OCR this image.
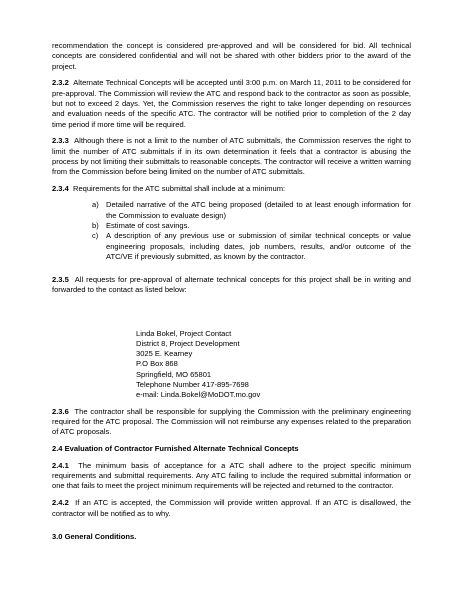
recommendation the concept is considered pre-approved and will be considered for bid. All technical concepts are considered confidential and will not be shared with other bidders prior to the award of the project.

2.3.2 Alternate Technical Concepts will be accepted until 3:00 p.m. on March 11, 2011 to be considered for pre-approval. The Commission will review the ATC and respond back to the contractor as soon as possible, but not to exceed 2 days. Yet, the Commission reserves the right to take longer depending on resources and evaluation needs of the specific ATC. The contractor will be notified prior to completion of the 2 day time period if more time will be required.

2.3.3 Although there is not a limit to the number of ATC submittals, the Commission reserves the right to limit the number of ATC submittals if in its own determination it feels that a contractor is abusing the process by not limiting their submittals to reasonable concepts. The contractor will receive a written warning from the Commission before being limited on the number of ATC submittals.

2.3.4 Requirements for the ATC submittal shall include at a minimum:

a) Detailed narrative of the ATC being proposed (detailed to at least enough information for the Commission to evaluate design)
b) Estimate of cost savings.
c) A description of any previous use or submission of similar technical concepts or value engineering proposals, including dates, job numbers, results, and/or outcome of the ATC/VE if previously submitted, as known by the contractor.

2.3.5 All requests for pre-approval of alternate technical concepts for this project shall be in writing and forwarded to the contact as listed below:

Linda Bokel, Project Contact
District 8, Project Development
3025 E. Kearney
P.O Box 868
Springfield, MO 65801
Telephone Number 417-895-7698
e-mail: Linda.Bokel@MoDOT.mo.gov

2.3.6 The contractor shall be responsible for supplying the Commission with the preliminary engineering required for the ATC proposal. The Commission will not reimburse any expenses related to the preparation of ATC proposals.

2.4 Evaluation of Contractor Furnished Alternate Technical Concepts

2.4.1 The minimum basis of acceptance for a ATC shall adhere to the project specific minimum requirements and submittal requirements. Any ATC failing to include the required submittal information or one that fails to meet the project minimum requirements will be rejected and returned to the contractor.

2.4.2 If an ATC is accepted, the Commission will provide written approval. If an ATC is disallowed, the contractor will be notified as to why.

3.0 General Conditions.
